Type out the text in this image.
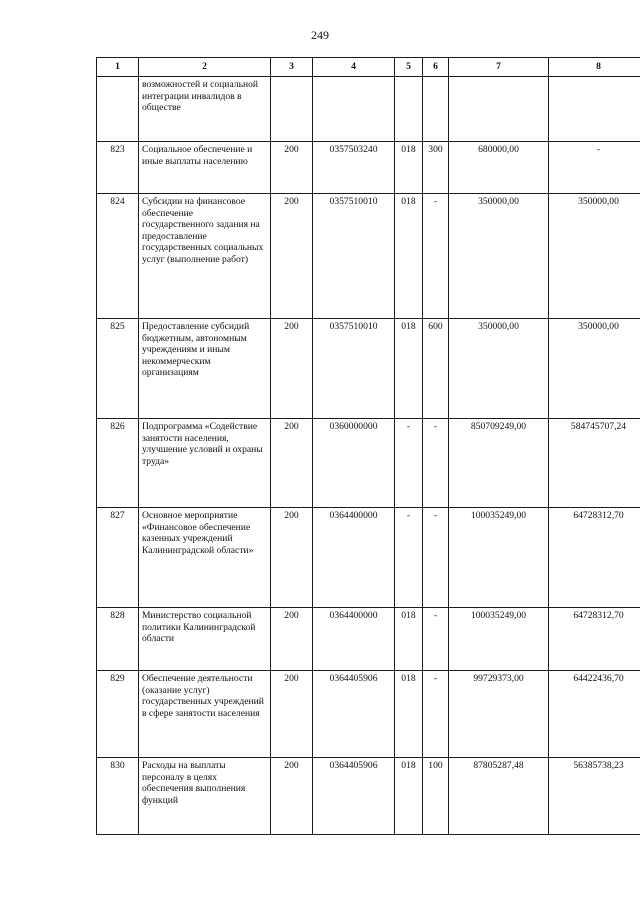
249
1	2	3	4	5	6	7	8
	возможностей и социальной интеграции инвалидов в обществе						
823	Социальное обеспечение и иные выплаты населению	200	0357503240	018	300	680000,00	-
824	Субсидии на финансовое обеспечение государственного задания на предоставление государственных социальных услуг (выполнение работ)	200	0357510010	018	-	350000,00	350000,00
825	Предоставление субсидий бюджетным, автономным учреждениям и иным некоммерческим организациям	200	0357510010	018	600	350000,00	350000,00
826	Подпрограмма «Содействие занятости населения, улучшение условий и охраны труда»	200	0360000000	-	-	850709249,00	584745707,24
827	Основное мероприятие «Финансовое обеспечение казенных учреждений Калининградской области»	200	0364400000	-	-	100035249,00	64728312,70
828	Министерство социальной политики Калининградской области	200	0364400000	018	-	100035249,00	64728312,70
829	Обеспечение деятельности (оказание услуг) государственных учреждений в сфере занятости населения	200	0364405906	018	-	99729373,00	64422436,70
830	Расходы на выплаты персоналу в целях обеспечения выполнения функций	200	0364405906	018	100	87805287,48	56385738,23
